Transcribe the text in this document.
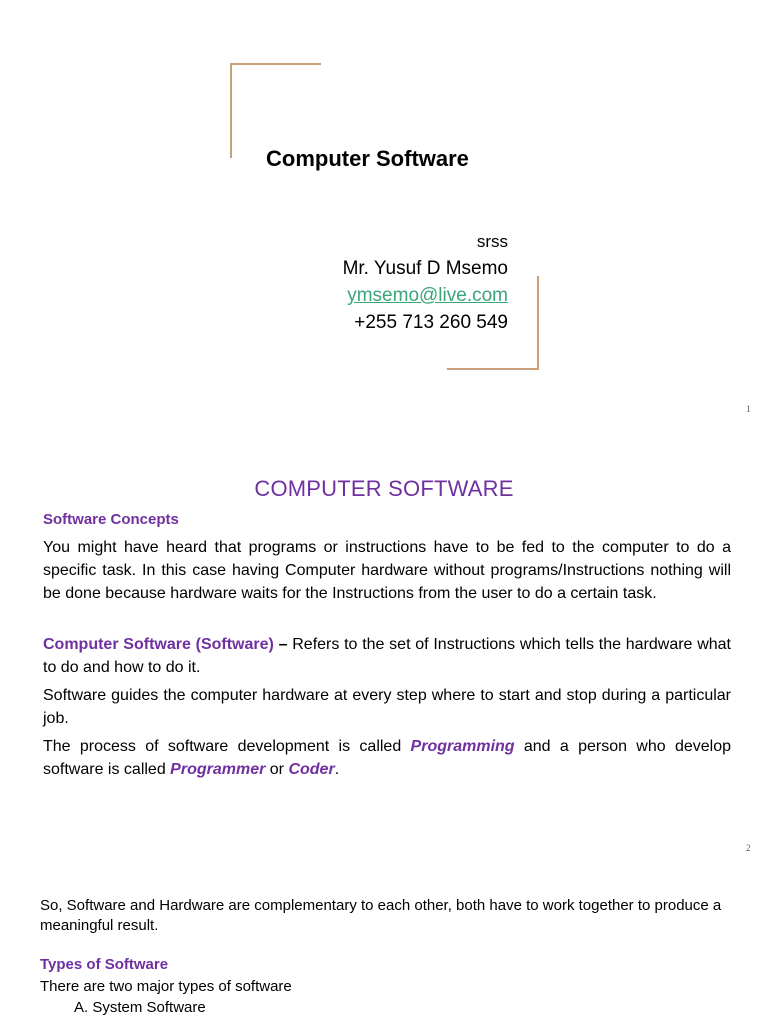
Computer Software
srss
Mr. Yusuf D Msemo
ymsemo@live.com
+255 713 260 549
1
COMPUTER SOFTWARE
Software Concepts
You might have heard that programs or instructions have to be fed to the computer to do a specific task. In this case having Computer hardware without programs/Instructions nothing will be done because hardware waits for the Instructions from the user to do a certain task.
Computer Software (Software) – Refers to the set of Instructions which tells the hardware what to do and how to do it.
Software guides the computer hardware at every step where to start and stop during a particular job.
The process of software development is called Programming and a person who develop software is called Programmer or Coder.
2
So, Software and Hardware are complementary to each other, both have to work together to produce a meaningful result.
Types of Software
There are two major types of software
A. System Software
